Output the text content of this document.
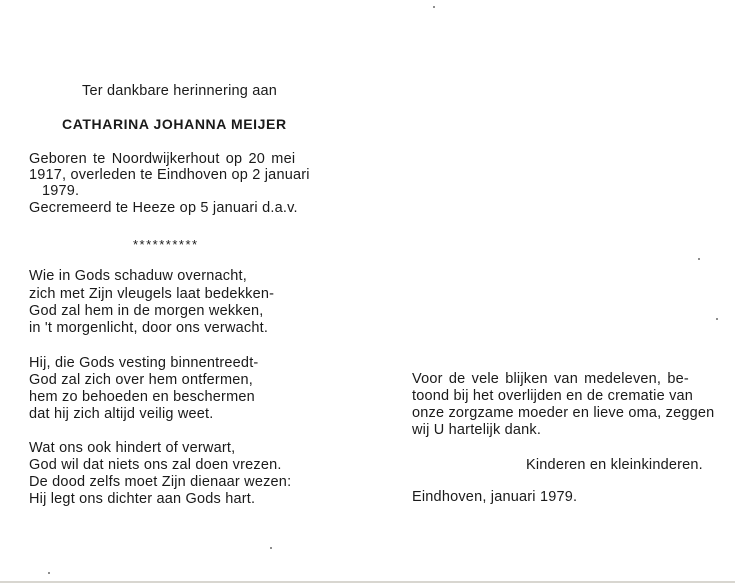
Ter dankbare herinnering aan
CATHARINA JOHANNA MEIJER
Geboren te Noordwijkerhout op 20 mei
1917, overleden te Eindhoven op 2 januari
1979.
Gecremeerd te Heeze op 5 januari d.a.v.
**********
Wie in Gods schaduw overnacht,
zich met Zijn vleugels laat bedekken-
God zal hem in de morgen wekken,
in 't morgenlicht, door ons verwacht.
Hij, die Gods vesting binnentreedt-
God zal zich over hem ontfermen,
hem zo behoeden en beschermen
dat hij zich altijd veilig weet.
Wat ons ook hindert of verwart,
God wil dat niets ons zal doen vrezen.
De dood zelfs moet Zijn dienaar wezen:
Hij legt ons dichter aan Gods hart.
Voor de vele blijken van medeleven, be-
toond bij het overlijden en de crematie van
onze zorgzame moeder en lieve oma, zeggen
wij U hartelijk dank.
Kinderen en kleinkinderen.
Eindhoven, januari 1979.
